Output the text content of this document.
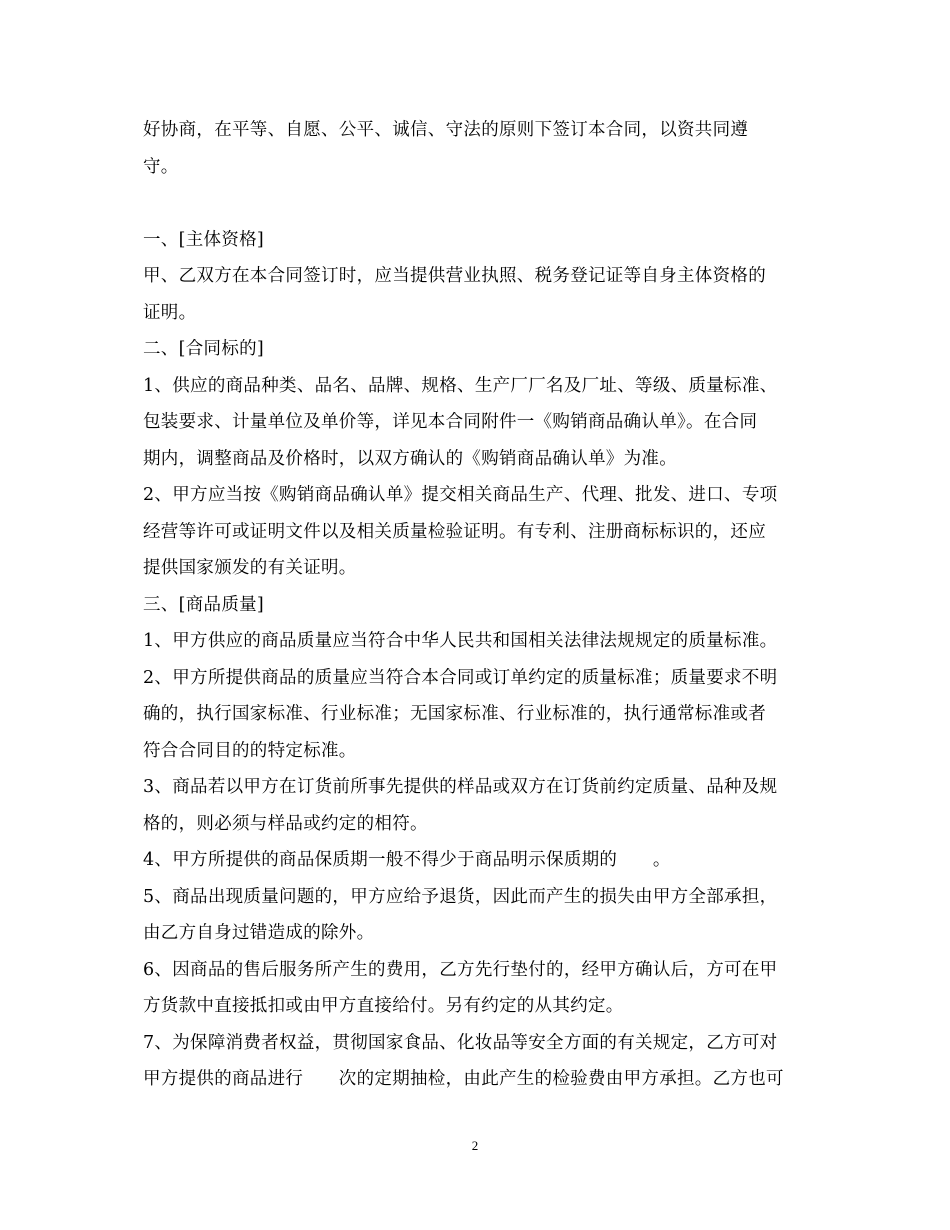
好协商，在平等、自愿、公平、诚信、守法的原则下签订本合同，以资共同遵
守。
一、[主体资格]
甲、乙双方在本合同签订时，应当提供营业执照、税务登记证等自身主体资格的
证明。
二、[合同标的]
1、供应的商品种类、品名、品牌、规格、生产厂厂名及厂址、等级、质量标准、
包装要求、计量单位及单价等，详见本合同附件一《购销商品确认单》。在合同
期内，调整商品及价格时，以双方确认的《购销商品确认单》为准。
2、甲方应当按《购销商品确认单》提交相关商品生产、代理、批发、进口、专项
经营等许可或证明文件以及相关质量检验证明。有专利、注册商标标识的，还应
提供国家颁发的有关证明。
三、[商品质量]
1、甲方供应的商品质量应当符合中华人民共和国相关法律法规规定的质量标准。
2、甲方所提供商品的质量应当符合本合同或订单约定的质量标准；质量要求不明
确的，执行国家标准、行业标准；无国家标准、行业标准的，执行通常标准或者
符合合同目的的特定标准。
3、商品若以甲方在订货前所事先提供的样品或双方在订货前约定质量、品种及规
格的，则必须与样品或约定的相符。
4、甲方所提供的商品保质期一般不得少于商品明示保质期的　　。
5、商品出现质量问题的，甲方应给予退货，因此而产生的损失由甲方全部承担，
由乙方自身过错造成的除外。
6、因商品的售后服务所产生的费用，乙方先行垫付的，经甲方确认后，方可在甲
方货款中直接抵扣或由甲方直接给付。另有约定的从其约定。
7、为保障消费者权益，贯彻国家食品、化妆品等安全方面的有关规定，乙方可对
甲方提供的商品进行　　次的定期抽检，由此产生的检验费由甲方承担。乙方也可
2
